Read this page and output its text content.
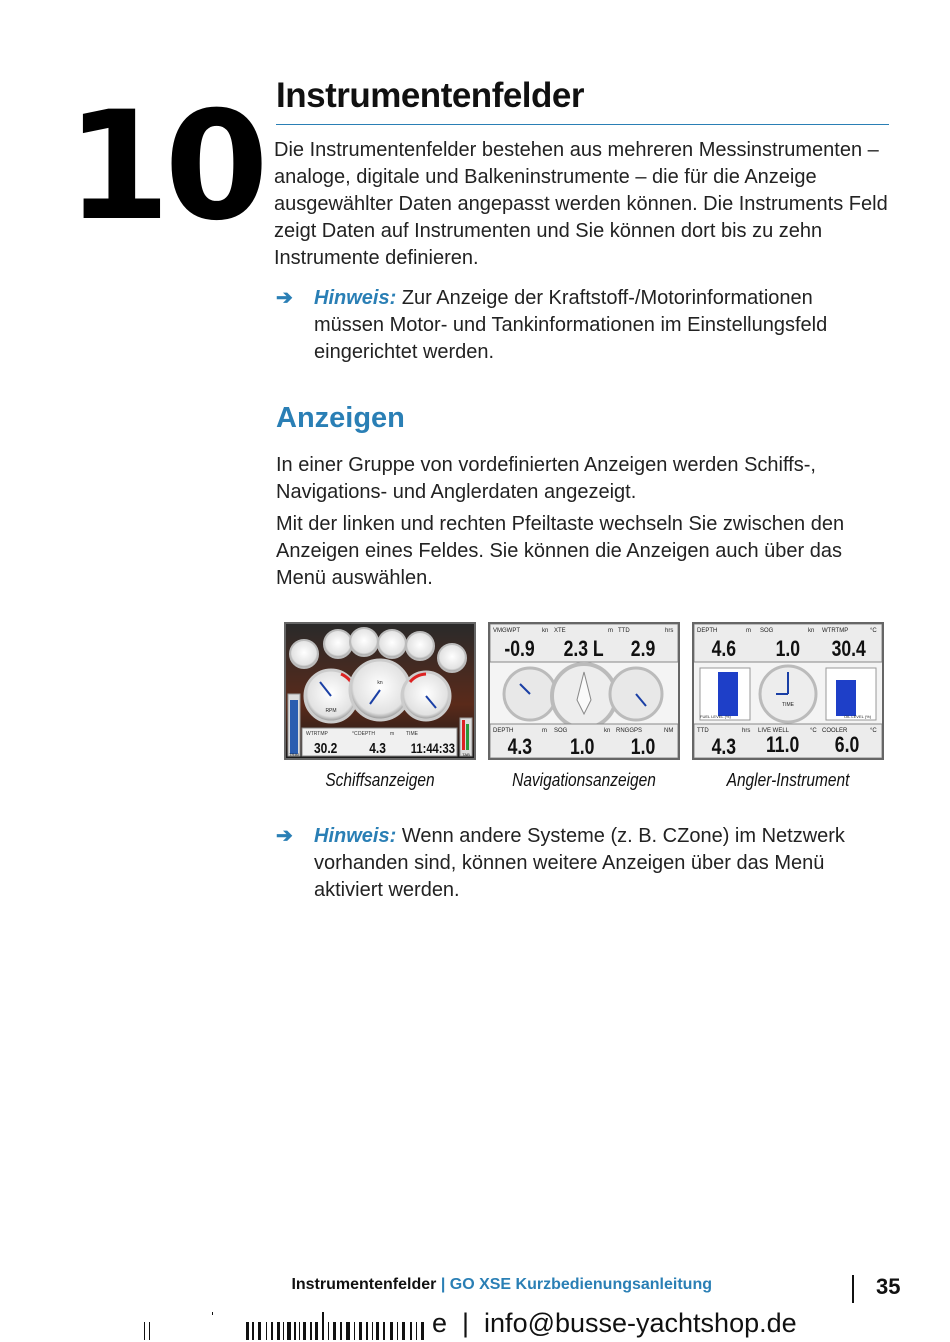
10 Instrumentenfelder
Die Instrumentenfelder bestehen aus mehreren Messinstrumenten –
analoge, digitale und Balkeninstrumente – die für die Anzeige
ausgewählter Daten angepasst werden können. Die Instruments Feld
zeigt Daten auf Instrumenten und Sie können dort bis zu zehn
Instrumente definieren.
➔ Hinweis: Zur Anzeige der Kraftstoff-/Motorinformationen
müssen Motor- und Tankinformationen im Einstellungsfeld
eingerichtet werden.
Anzeigen
In einer Gruppe von vordefinierten Anzeigen werden Schiffs-,
Navigations- und Anglerdaten angezeigt.
Mit der linken und rechten Pfeiltaste wechseln Sie zwischen den
Anzeigen eines Feldes. Sie können die Anzeigen auch über das
Menü auswählen.
RPM
kn
TRIM	TAB
WTRTMP	°C DEPTH	m TIME
30.2 4.3 11:44:33
VMGWPT	kn XTE	m TTD	hrs
-0.9 2.3 L 2.9
DEPTH	m SOG	kn RNGGPS	NM
4.3 1.0 1.0
DEPTH	m SOG	kn WTRTMP	°C
4.6 1.0 30.4
FUEL LEVEL (%)
TIME
OIL LEVEL (%)
TTD	hrs LIVE WELL	°C COOLER	°C
4.3 11.0 6.0
Schiffsanzeigen	Navigationsanzeigen	Angler-Instrument
➔ Hinweis: Wenn andere Systeme (z. B. CZone) im Netzwerk
vorhanden sind, können weitere Anzeigen über das Menü
aktiviert werden.
Instrumentenfelder | GO XSE Kurzbedienungsanleitung	35
e  |  info@busse-yachtshop.de
